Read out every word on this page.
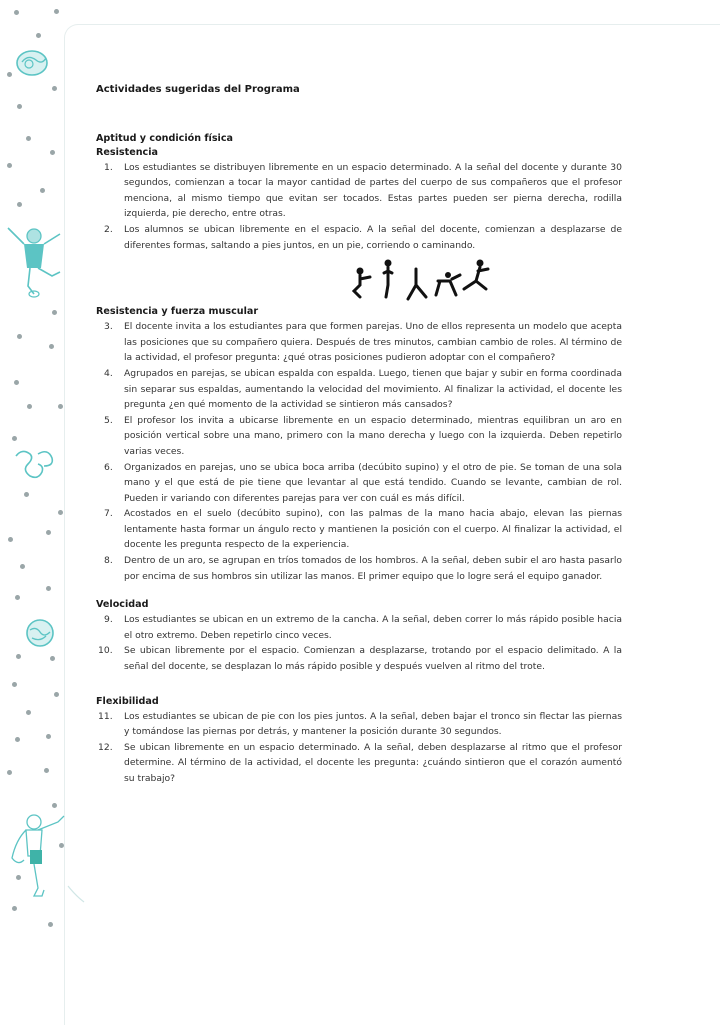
Actividades sugeridas del Programa
Aptitud y condición física
Resistencia
1. Los estudiantes se distribuyen libremente en un espacio determinado. A la señal del docente y durante 30 segundos, comienzan a tocar la mayor cantidad de partes del cuerpo de sus compañeros que el profesor menciona, al mismo tiempo que evitan ser tocados. Estas partes pueden ser pierna derecha, rodilla izquierda, pie derecho, entre otras.
2. Los alumnos se ubican libremente en el espacio. A la señal del docente, comienzan a desplazarse de diferentes formas, saltando a pies juntos, en un pie, corriendo o caminando.
Resistencia y fuerza muscular
3. El docente invita a los estudiantes para que formen parejas. Uno de ellos representa un modelo que acepta las posiciones que su compañero quiera. Después de tres minutos, cambian cambio de roles. Al término de la actividad, el profesor pregunta: ¿qué otras posiciones pudieron adoptar con el compañero?
4. Agrupados en parejas, se ubican espalda con espalda. Luego, tienen que bajar y subir en forma coordinada sin separar sus espaldas, aumentando la velocidad del movimiento. Al finalizar la actividad, el docente les pregunta ¿en qué momento de la actividad se sintieron más cansados?
5. El profesor los invita a ubicarse libremente en un espacio determinado, mientras equilibran un aro en posición vertical sobre una mano, primero con la mano derecha y luego con la izquierda. Deben repetirlo varias veces.
6. Organizados en parejas, uno se ubica boca arriba (decúbito supino) y el otro de pie. Se toman de una sola mano y el que está de pie tiene que levantar al que está tendido. Cuando se levante, cambian de rol. Pueden ir variando con diferentes parejas para ver con cuál es más difícil.
7. Acostados en el suelo (decúbito supino), con las palmas de la mano hacia abajo, elevan las piernas lentamente hasta formar un ángulo recto y mantienen la posición con el cuerpo. Al finalizar la actividad, el docente les pregunta respecto de la experiencia.
8. Dentro de un aro, se agrupan en tríos tomados de los hombros. A la señal, deben subir el aro hasta pasarlo por encima de sus hombros sin utilizar las manos. El primer equipo que lo logre será el equipo ganador.
Velocidad
9. Los estudiantes se ubican en un extremo de la cancha. A la señal, deben correr lo más rápido posible hacia el otro extremo. Deben repetirlo cinco veces.
10. Se ubican libremente por el espacio. Comienzan a desplazarse, trotando por el espacio delimitado. A la señal del docente, se desplazan lo más rápido posible y después vuelven al ritmo del trote.
Flexibilidad
11. Los estudiantes se ubican de pie con los pies juntos. A la señal, deben bajar el tronco sin flectar las piernas y tomándose las piernas por detrás, y mantener la posición durante 30 segundos.
12. Se ubican libremente en un espacio determinado. A la señal, deben desplazarse al ritmo que el profesor determine. Al término de la actividad, el docente les pregunta: ¿cuándo sintieron que el corazón aumentó su trabajo?
